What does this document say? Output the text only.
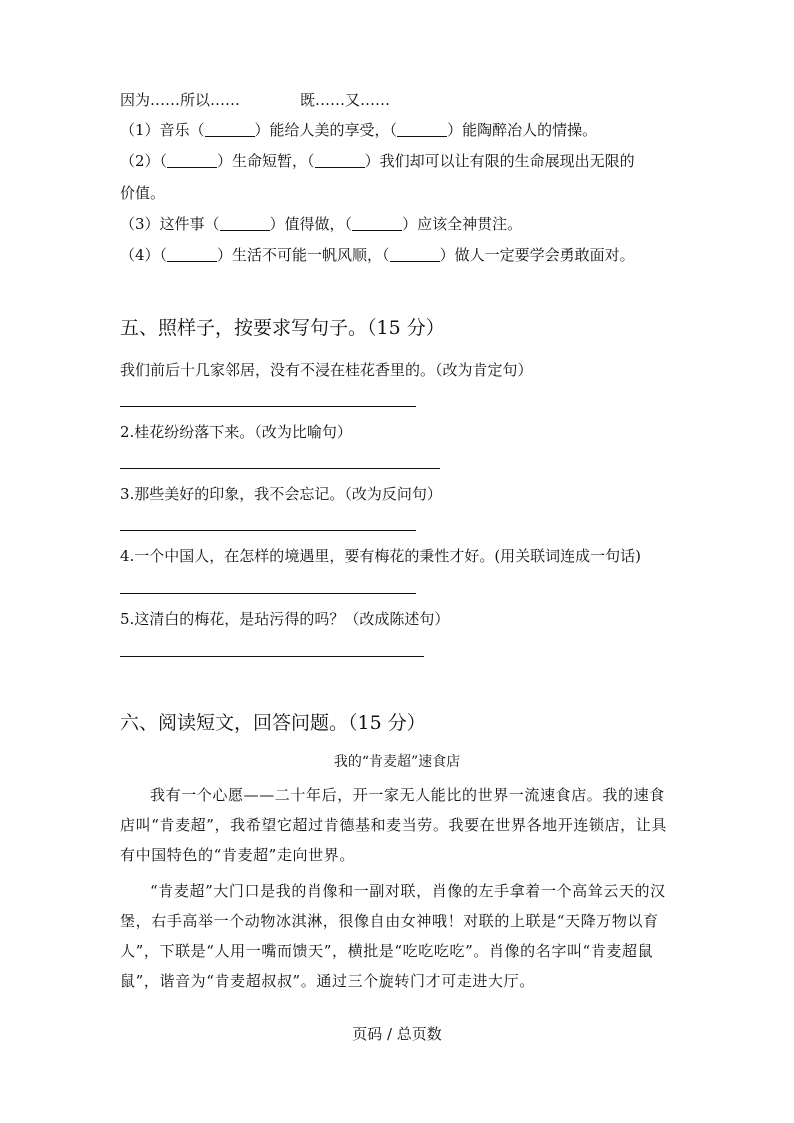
因为……所以……	既……又……
（1）音乐（	）能给人美的享受，（	）能陶醉冶人的情操。
（2）（	）生命短暂，（	）我们却可以让有限的生命展现出无限的
价值。
（3）这件事（	）值得做，（	）应该全神贯注。
（4）（	）生活不可能一帆风顺，（	）做人一定要学会勇敢面对。
五、照样子，按要求写句子。（15 分）
我们前后十几家邻居，没有不浸在桂花香里的。（改为肯定句）
2.桂花纷纷落下来。（改为比喻句）
3.那些美好的印象，我不会忘记。（改为反问句）
4.一个中国人，在怎样的境遇里，要有梅花的秉性才好。(用关联词连成一句话)
5.这清白的梅花，是玷污得的吗？（改成陈述句）
六、阅读短文，回答问题。（15 分）
我的“肯麦超”速食店
我有一个心愿——二十年后，开一家无人能比的世界一流速食店。我的速食店叫“肯麦超”，我希望它超过肯德基和麦当劳。我要在世界各地开连锁店，让具有中国特色的“肯麦超”走向世界。
“肯麦超”大门口是我的肖像和一副对联，肖像的左手拿着一个高耸云天的汉堡，右手高举一个动物冰淇淋，很像自由女神哦！对联的上联是“天降万物以育人”，下联是“人用一嘴而馈天”，横批是“吃吃吃吃”。肖像的名字叫“肯麦超鼠鼠”，谐音为“肯麦超叔叔”。通过三个旋转门才可走进大厅。
页码 / 总页数
